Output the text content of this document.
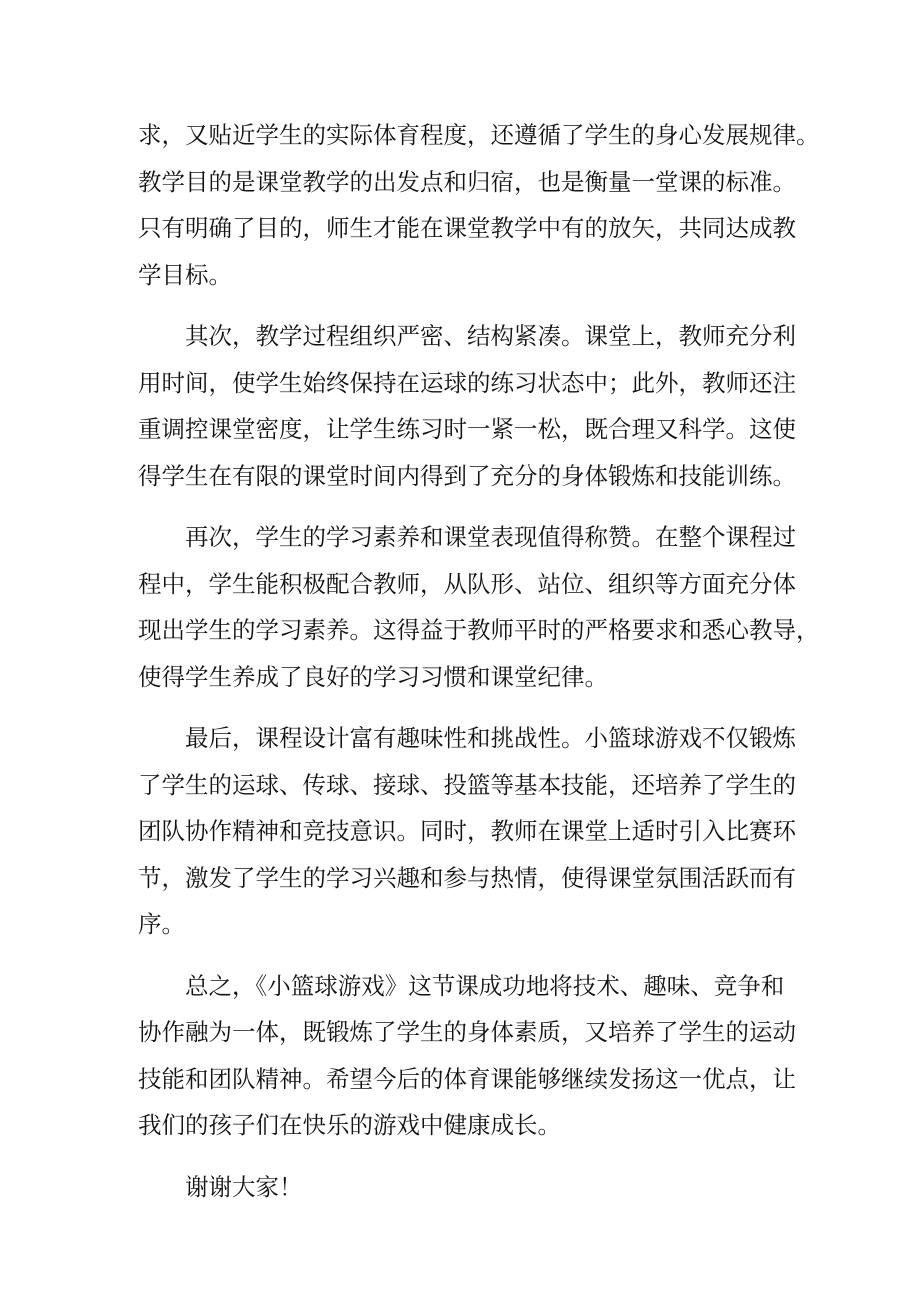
求，又贴近学生的实际体育程度，还遵循了学生的身心发展规律。
教学目的是课堂教学的出发点和归宿，也是衡量一堂课的标准。
只有明确了目的，师生才能在课堂教学中有的放矢，共同达成教
学目标。
其次，教学过程组织严密、结构紧凑。课堂上，教师充分利
用时间，使学生始终保持在运球的练习状态中；此外，教师还注
重调控课堂密度，让学生练习时一紧一松，既合理又科学。这使
得学生在有限的课堂时间内得到了充分的身体锻炼和技能训练。
再次，学生的学习素养和课堂表现值得称赞。在整个课程过
程中，学生能积极配合教师，从队形、站位、组织等方面充分体
现出学生的学习素养。这得益于教师平时的严格要求和悉心教导，
使得学生养成了良好的学习习惯和课堂纪律。
最后，课程设计富有趣味性和挑战性。小篮球游戏不仅锻炼
了学生的运球、传球、接球、投篮等基本技能，还培养了学生的
团队协作精神和竞技意识。同时，教师在课堂上适时引入比赛环
节，激发了学生的学习兴趣和参与热情，使得课堂氛围活跃而有
序。
总之，《小篮球游戏》这节课成功地将技术、趣味、竞争和
协作融为一体，既锻炼了学生的身体素质，又培养了学生的运动
技能和团队精神。希望今后的体育课能够继续发扬这一优点，让
我们的孩子们在快乐的游戏中健康成长。
谢谢大家！
